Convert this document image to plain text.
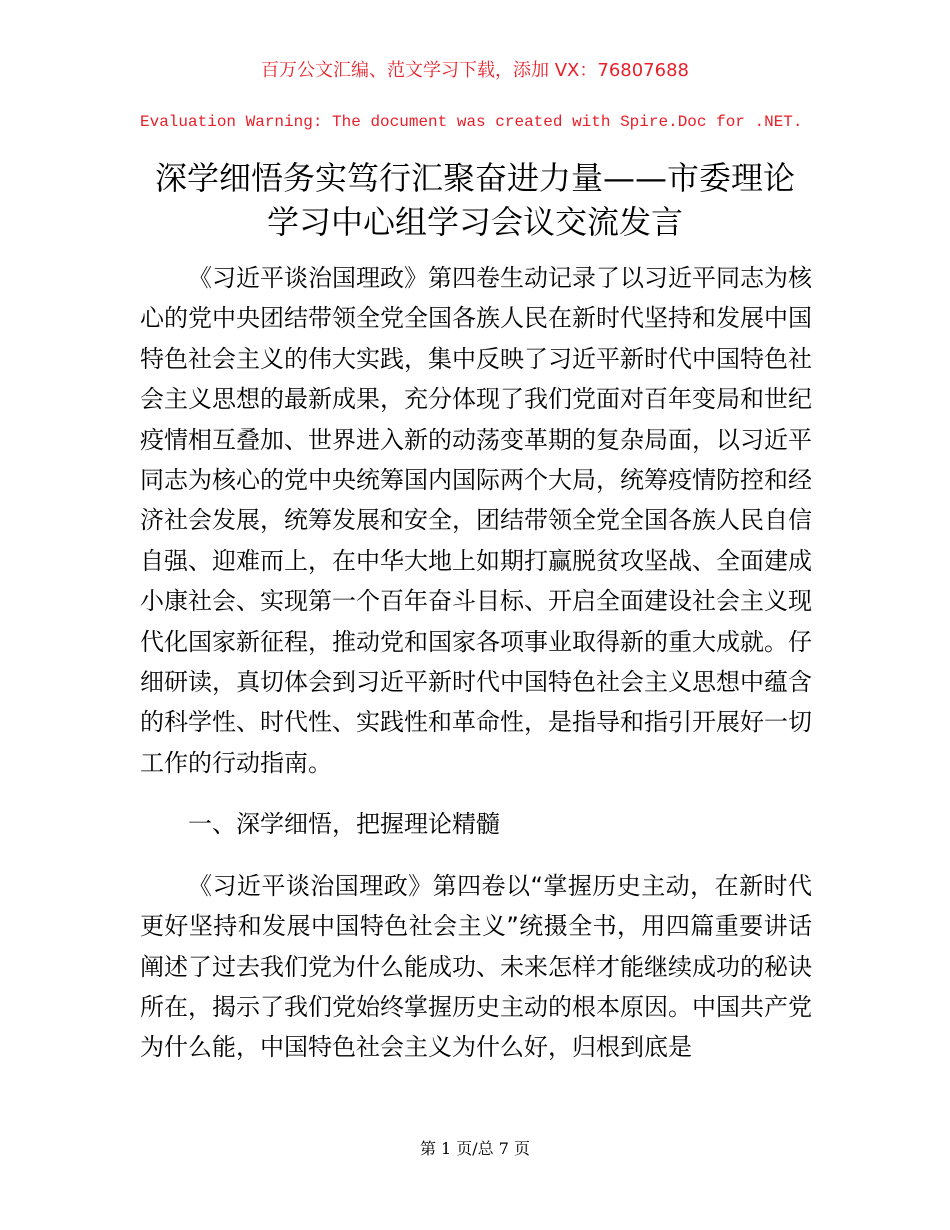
百万公文汇编、范文学习下载，添加 VX：76807688
Evaluation Warning: The document was created with Spire.Doc for .NET.
深学细悟务实笃行汇聚奋进力量——市委理论
学习中心组学习会议交流发言

《习近平谈治国理政》第四卷生动记录了以习近平同志为核心的党中央团结带领全党全国各族人民在新时代坚持和发展中国特色社会主义的伟大实践，集中反映了习近平新时代中国特色社会主义思想的最新成果，充分体现了我们党面对百年变局和世纪疫情相互叠加、世界进入新的动荡变革期的复杂局面，以习近平同志为核心的党中央统筹国内国际两个大局，统筹疫情防控和经济社会发展，统筹发展和安全，团结带领全党全国各族人民自信自强、迎难而上，在中华大地上如期打赢脱贫攻坚战、全面建成小康社会、实现第一个百年奋斗目标、开启全面建设社会主义现代化国家新征程，推动党和国家各项事业取得新的重大成就。仔细研读，真切体会到习近平新时代中国特色社会主义思想中蕴含的科学性、时代性、实践性和革命性，是指导和指引开展好一切工作的行动指南。

一、深学细悟，把握理论精髓

《习近平谈治国理政》第四卷以“掌握历史主动，在新时代更好坚持和发展中国特色社会主义”统摄全书，用四篇重要讲话阐述了过去我们党为什么能成功、未来怎样才能继续成功的秘诀所在，揭示了我们党始终掌握历史主动的根本原因。中国共产党为什么能，中国特色社会主义为什么好，归根到底是

第 1 页/总 7 页
